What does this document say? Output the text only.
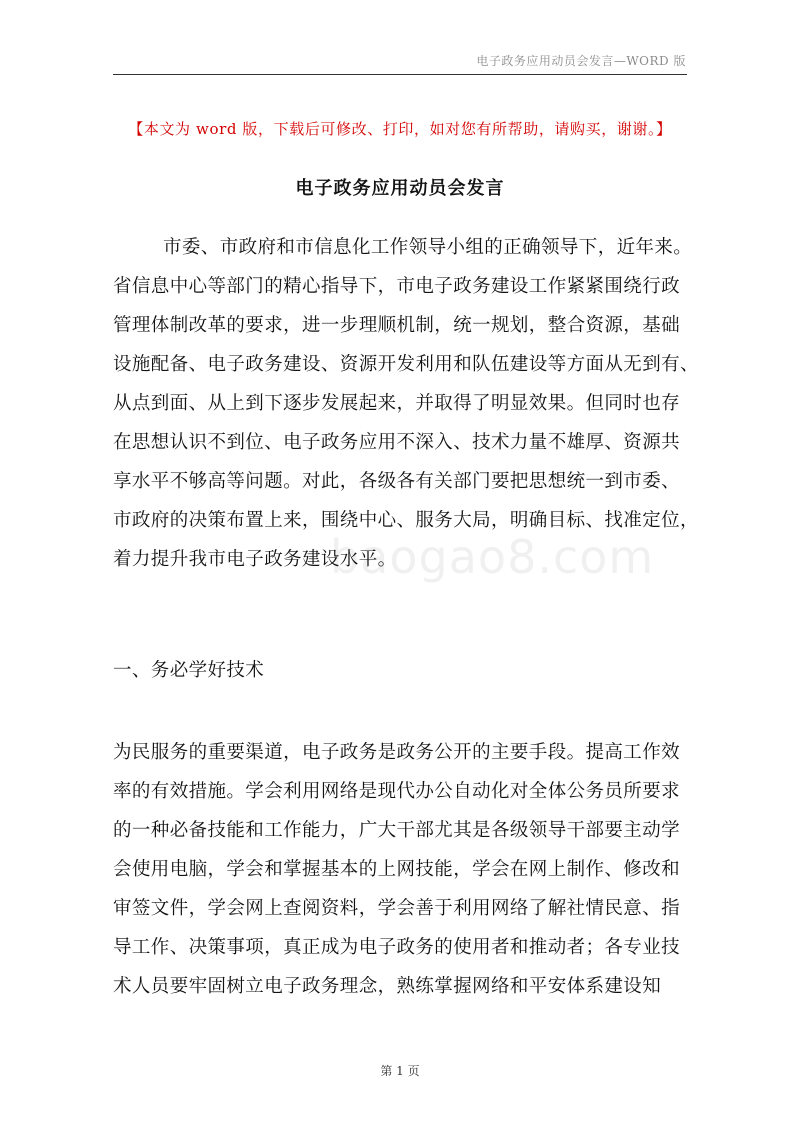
电子政务应用动员会发言—WORD 版
【本文为 word 版，下载后可修改、打印，如对您有所帮助，请购买，谢谢。】
电子政务应用动员会发言
市委、市政府和市信息化工作领导小组的正确领导下，近年来。
省信息中心等部门的精心指导下，市电子政务建设工作紧紧围绕行政
管理体制改革的要求，进一步理顺机制，统一规划，整合资源，基础
设施配备、电子政务建设、资源开发利用和队伍建设等方面从无到有、
从点到面、从上到下逐步发展起来，并取得了明显效果。但同时也存
在思想认识不到位、电子政务应用不深入、技术力量不雄厚、资源共
享水平不够高等问题。对此，各级各有关部门要把思想统一到市委、
市政府的决策布置上来，围绕中心、服务大局，明确目标、找准定位，
着力提升我市电子政务建设水平。
一、务必学好技术
为民服务的重要渠道，电子政务是政务公开的主要手段。提高工作效
率的有效措施。学会利用网络是现代办公自动化对全体公务员所要求
的一种必备技能和工作能力，广大干部尤其是各级领导干部要主动学
会使用电脑，学会和掌握基本的上网技能，学会在网上制作、修改和
审签文件，学会网上查阅资料，学会善于利用网络了解社情民意、指
导工作、决策事项，真正成为电子政务的使用者和推动者；各专业技
术人员要牢固树立电子政务理念，熟练掌握网络和平安体系建设知
baogao8.com
第 1 页
